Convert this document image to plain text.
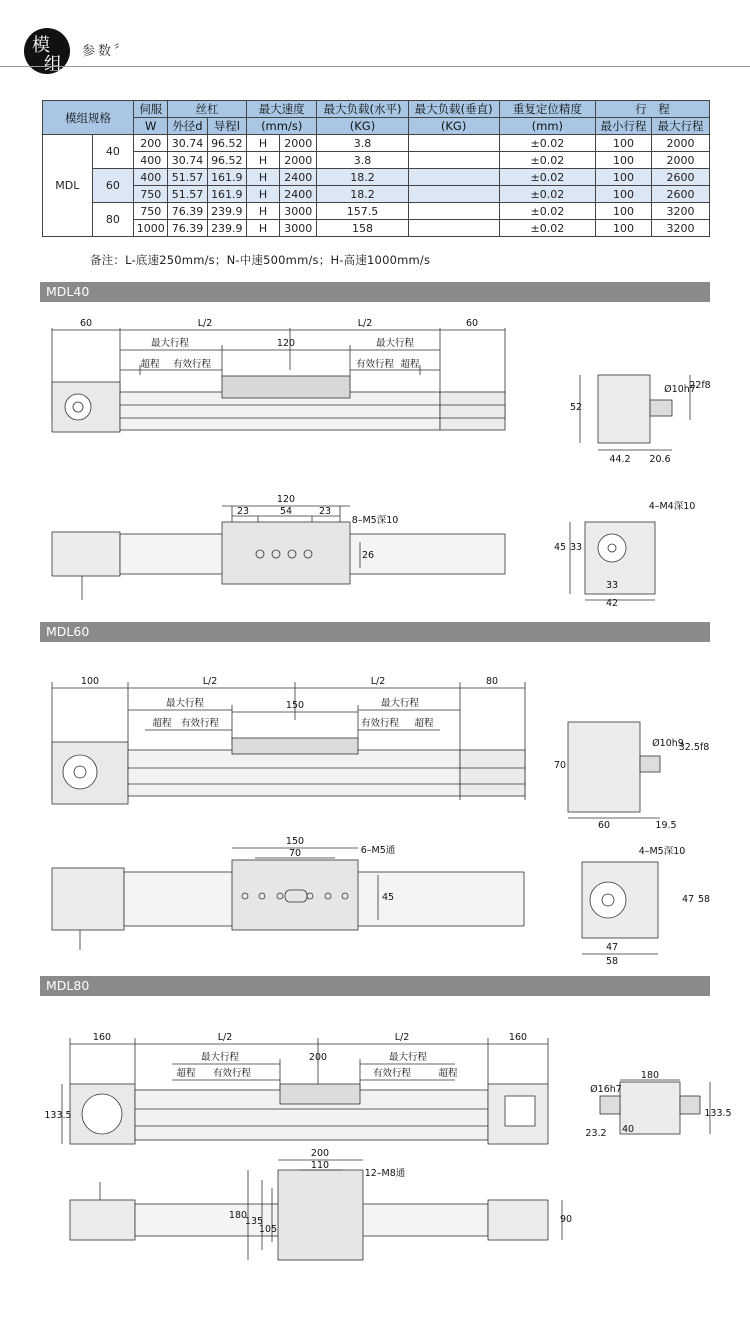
模
组
参数〞
模组规格		伺服	丝杠		最大速度		最大负载(水平)	最大负载(垂直)	重复定位精度	行　程	
		W	外径d	导程l	(mm/s)		(KG)	(KG)	(mm)	最小行程	最大行程
MDL	40	200	30.74	96.52	H	2000	3.8		±0.02	100	2000
		400	30.74	96.52	H	2000	3.8		±0.02	100	2000
	60	400	51.57	161.9	H	2400	18.2		±0.02	100	2600
		750	51.57	161.9	H	2400	18.2		±0.02	100	2600
	80	750	76.39	239.9	H	3000	157.5		±0.02	100	3200
		1000	76.39	239.9	H	3000	158		±0.02	100	3200
备注：L-底速250mm/s；N-中速500mm/s；H-高速1000mm/s
MDL40
60	L/2	L/2	60
最大行程	120	最大行程
超程 有效行程	有效行程 超程
52
Ø10h7
22f8
44.2 20.6
120
23	54	23
8–M5深10
26
4–M4深10
45 33
33
42
MDL60
100	L/2	L/2	80
最大行程	150	最大行程
超程 有效行程	有效行程 超程
70
Ø10h9
32.5f8
60	19.5
150
70	6–M5通
45
4–M5深10
58
47
47
58
MDL80
160	L/2	L/2	160
最大行程	200	最大行程
超程 有效行程	有效行程	超程
133.5
180
Ø16h7
40
23.2
133.5
200
110
12–M8通
180
135
105
90
